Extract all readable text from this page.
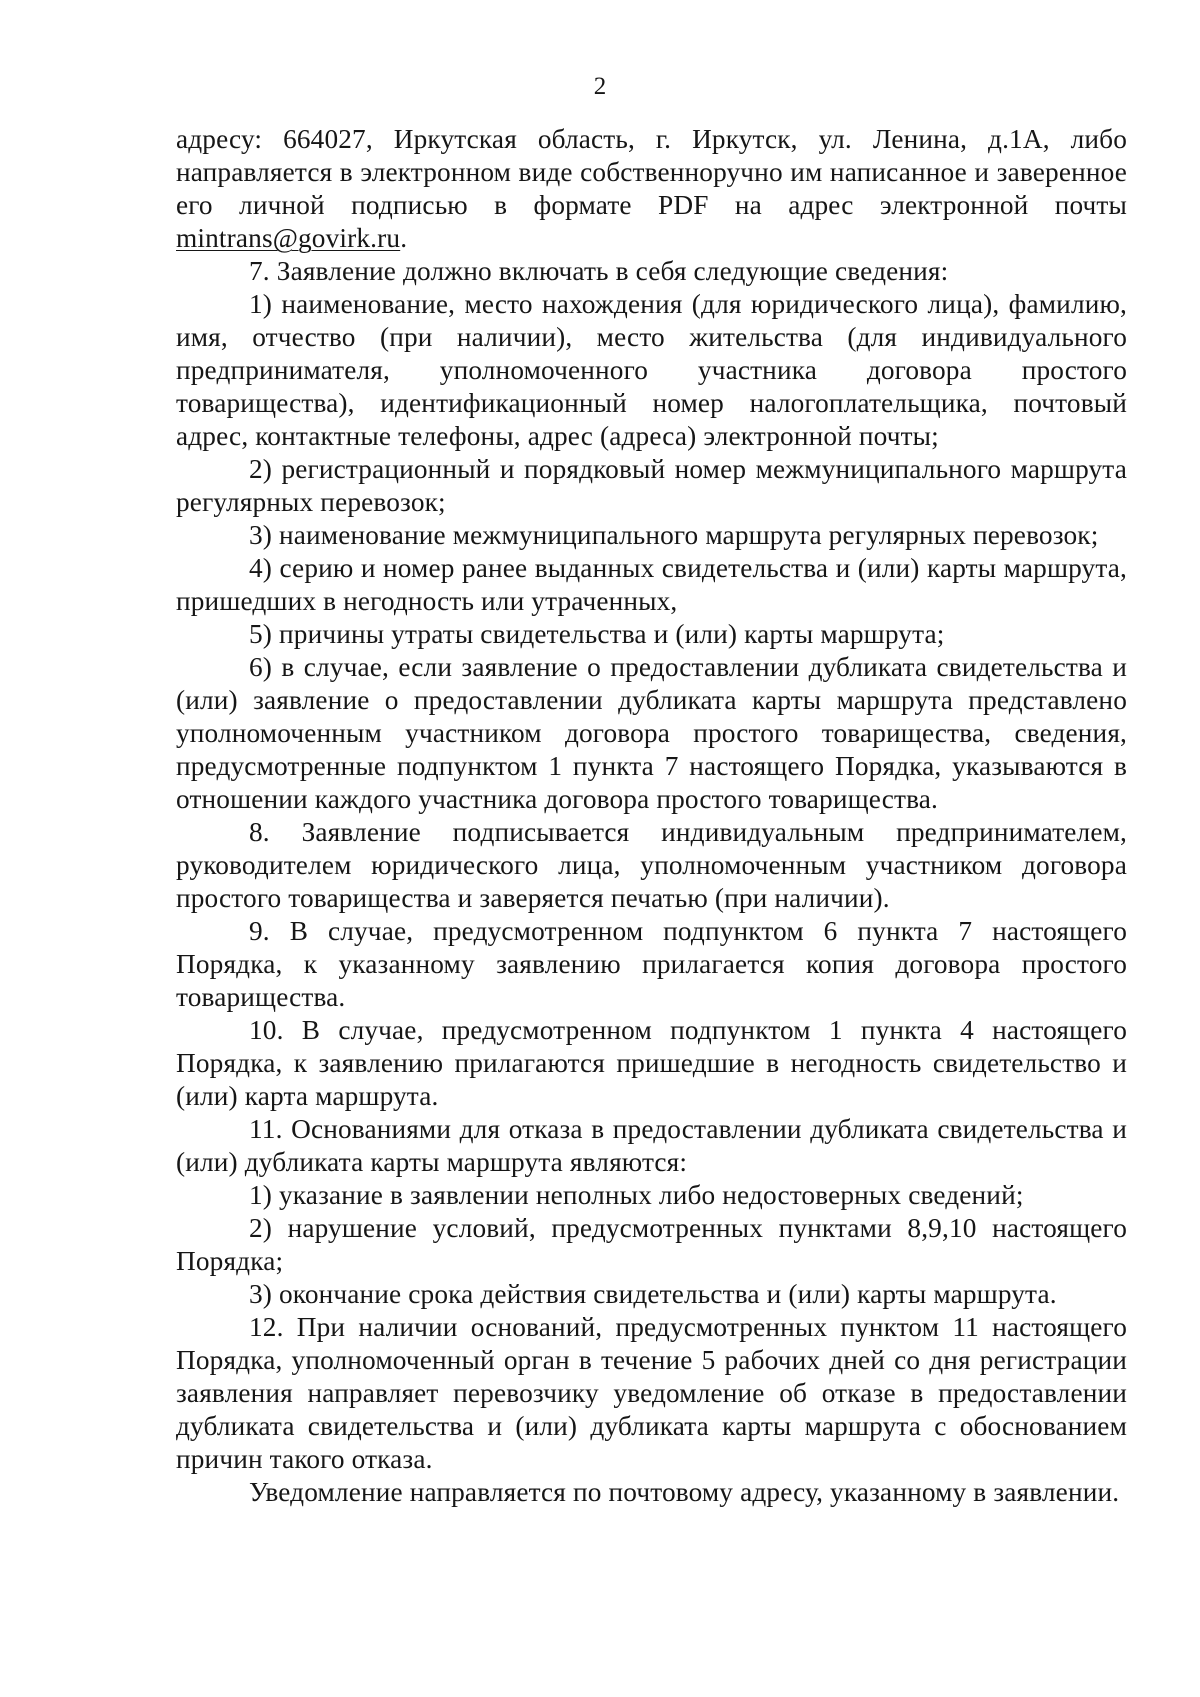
2

адресу: 664027, Иркутская область, г. Иркутск, ул. Ленина, д.1А, либо направляется в электронном виде собственноручно им написанное и заверенное его личной подписью в формате PDF на адрес электронной почты mintrans@govirk.ru.

7. Заявление должно включать в себя следующие сведения:

1) наименование, место нахождения (для юридического лица), фамилию, имя, отчество (при наличии), место жительства (для индивидуального предпринимателя, уполномоченного участника договора простого товарищества), идентификационный номер налогоплательщика, почтовый адрес, контактные телефоны, адрес (адреса) электронной почты;

2) регистрационный и порядковый номер межмуниципального маршрута регулярных перевозок;

3) наименование межмуниципального маршрута регулярных перевозок;

4) серию и номер ранее выданных свидетельства и (или) карты маршрута, пришедших в негодность или утраченных,

5) причины утраты свидетельства и (или) карты маршрута;

6) в случае, если заявление о предоставлении дубликата свидетельства и (или) заявление о предоставлении дубликата карты маршрута представлено уполномоченным участником договора простого товарищества, сведения, предусмотренные подпунктом 1 пункта 7 настоящего Порядка, указываются в отношении каждого участника договора простого товарищества.

8. Заявление подписывается индивидуальным предпринимателем, руководителем юридического лица, уполномоченным участником договора простого товарищества и заверяется печатью (при наличии).

9. В случае, предусмотренном подпунктом 6 пункта 7 настоящего Порядка, к указанному заявлению прилагается копия договора простого товарищества.

10. В случае, предусмотренном подпунктом 1 пункта 4 настоящего Порядка, к заявлению прилагаются пришедшие в негодность свидетельство и (или) карта маршрута.

11. Основаниями для отказа в предоставлении дубликата свидетельства и (или) дубликата карты маршрута являются:

1) указание в заявлении неполных либо недостоверных сведений;

2) нарушение условий, предусмотренных пунктами 8,9,10 настоящего Порядка;

3) окончание срока действия свидетельства и (или) карты маршрута.

12. При наличии оснований, предусмотренных пунктом 11 настоящего Порядка, уполномоченный орган в течение 5 рабочих дней со дня регистрации заявления направляет перевозчику уведомление об отказе в предоставлении дубликата свидетельства и (или) дубликата карты маршрута с обоснованием причин такого отказа.

Уведомление направляется по почтовому адресу, указанному в заявлении.
